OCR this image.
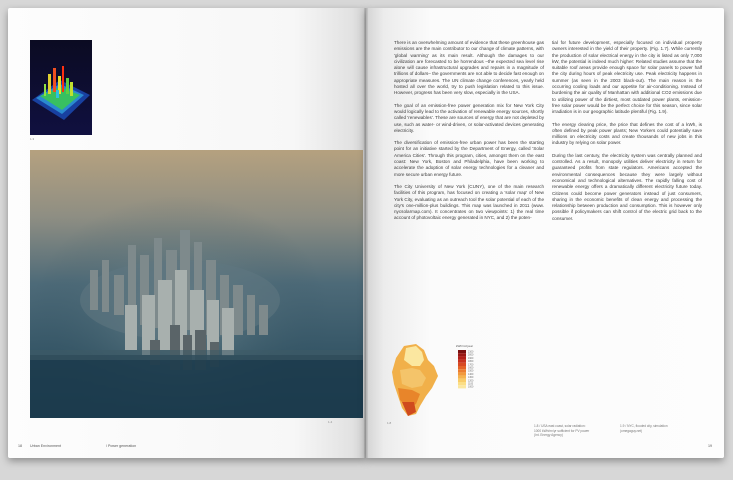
1.3
1.4
18 Urban Environment	/ Power generation

There is an overwhelming amount of evidence that these greenhouse gas emissions are the main contributor to our change of climate patterns, with 'global warming' as its main result. Although the damages to our civilization are forecasted to be horrendous –the expected sea level rise alone will cause infrastructural upgrades and repairs in a magnitude of trillions of dollars– the governments are not able to decide fast enough on appropriate measures. The UN climate change conferences, yearly held hosted all over the world, try to push legislation related to this issue. However, progress has been very slow, especially in the USA.

The goal of an emission-free power generation mix for New York City would logically lead to the activation of renewable energy sources, shortly called 'renewables'. These are sources of energy that are not depleted by use, such as water- or wind-driven, or solar-activated devices generating electricity.

The diversification of emission-free urban power has been the starting point for an initiative started by the Department of Energy, called 'Solar America Cities'. Through this program, cities, amongst them on the east coast: New York, Boston and Philadelphia, have been working to accelerate the adoption of solar energy technologies for a cleaner and more secure urban energy future.

The City University of New York (CUNY), one of the main research facilities of this program, has focused on creating a 'solar map' of New York City, evaluating as an outreach tool the solar potential of each of the city's one-million-plus buildings. This map was launched in 2011 (www. nycsolarmap.com). It concentrates on two viewpoints: 1) the real time account of photovoltaic energy generated in NYC, and 2) the poten-

tial for future development, especially focused on individual property owners interested in the yield of their property. (Fig. 1.7). While currently the production of solar electrical energy in the city is listed as only 7,000 kW, the potential is indeed much higher: Related studies assume that the suitable roof areas provide enough space for solar panels to power half the city during hours of peak electricity use. Peak electricity happens in summer (as seen in the 2003 black-out). The main reason is the occurring cooling loads and our appetite for air-conditioning. Instead of burdening the air quality of Manhattan with additional CO2 emissions due to utilizing power of the dirtiest, most outdated power plants, emission-free solar power would be the perfect choice for this season, since solar irradiation is in our geographic latitude plentiful (Fig. 1.9).

The energy clearing price, the price that defines the cost of a kWh, is often defined by peak power plants; New Yorkers could potentially save millions on electricity costs and create thousands of new jobs in this industry by relying on solar power.

During the last century, the electricity system was centrally planned and controlled. As a result, monopoly utilities deliver electricity in return for guaranteed profits from state regulators. Americans accepted the environmental consequences because they were largely without economical and technological alternatives. The rapidly falling cost of renewable energy offers a dramatically different electricity future today. Citizens could become power generators instead of just consumers, sharing in the economic benefits of clean energy and processing the relationship between production and consumption. This is however only possible if policymakers can shift control of the electric grid back to the consumer.

kWh/m²/year
2100
2000
1900
1800
1700
1600
1500
1400
1300
1200
1100
1000
1.8
1.8 / USA east coast, solar radiation: 1000 kWh/m²/yr sufficient for PV power (Int. Energy Agency)
1.9 / NYC, flooded city, simulation (omegaguy.net)
19
